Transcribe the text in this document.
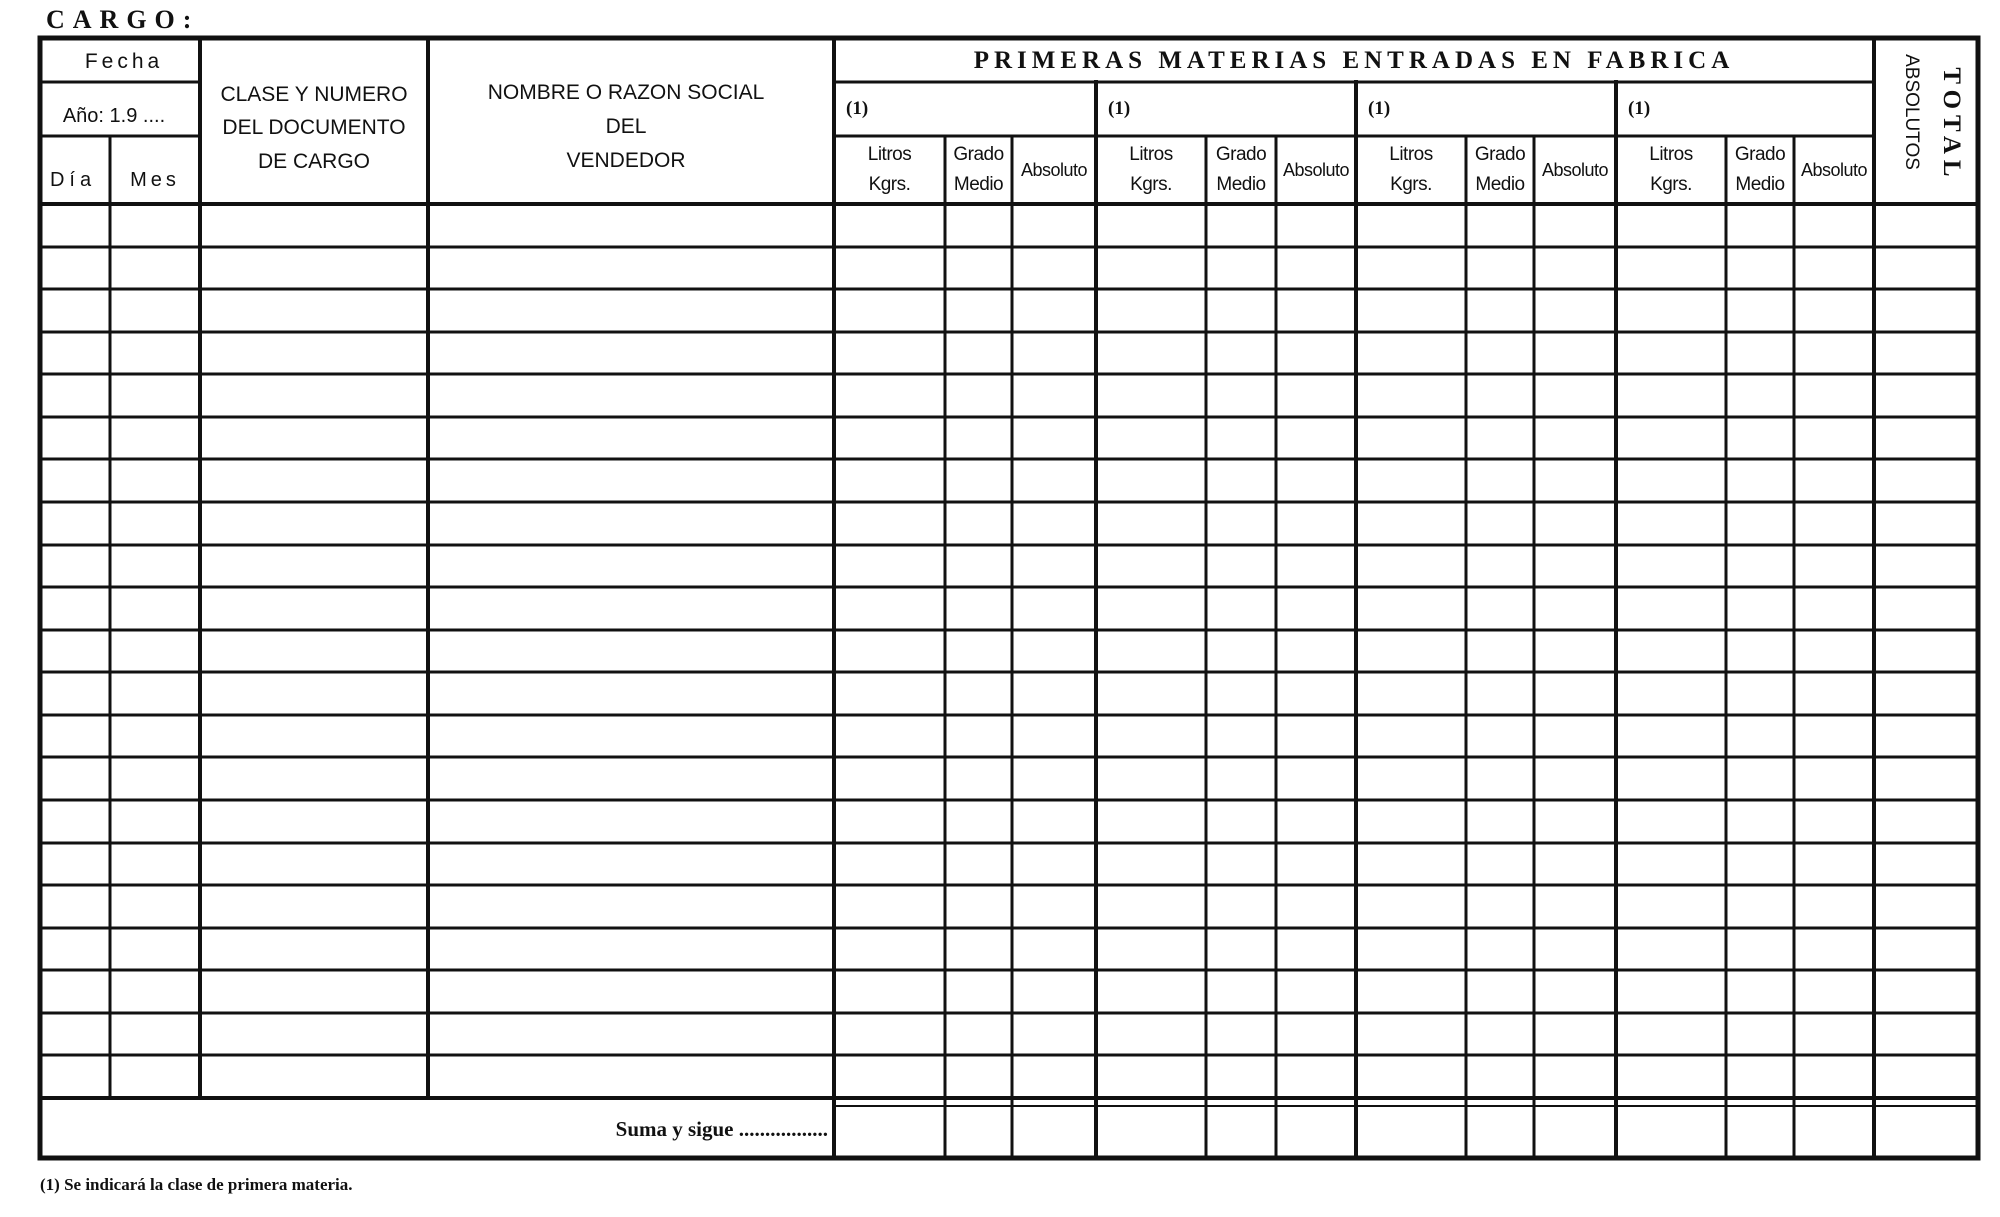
CARGO:
Fecha
Año: 1.9 ....
Día Mes
CLASE Y NUMERO
DEL DOCUMENTO
DE CARGO
NOMBRE O RAZON SOCIAL
DEL
VENDEDOR
PRIMERAS MATERIAS ENTRADAS EN FABRICA
TOTAL
ABSOLUTOS
(1)
Litros
Kgrs.
Grado
Medio
Absoluto
(1)
Litros
Kgrs.
Grado
Medio
Absoluto
(1)
Litros
Kgrs.
Grado
Medio
Absoluto
(1)
Litros
Kgrs.
Grado
Medio
Absoluto
Suma y sigue .................
(1) Se indicará la clase de primera materia.
